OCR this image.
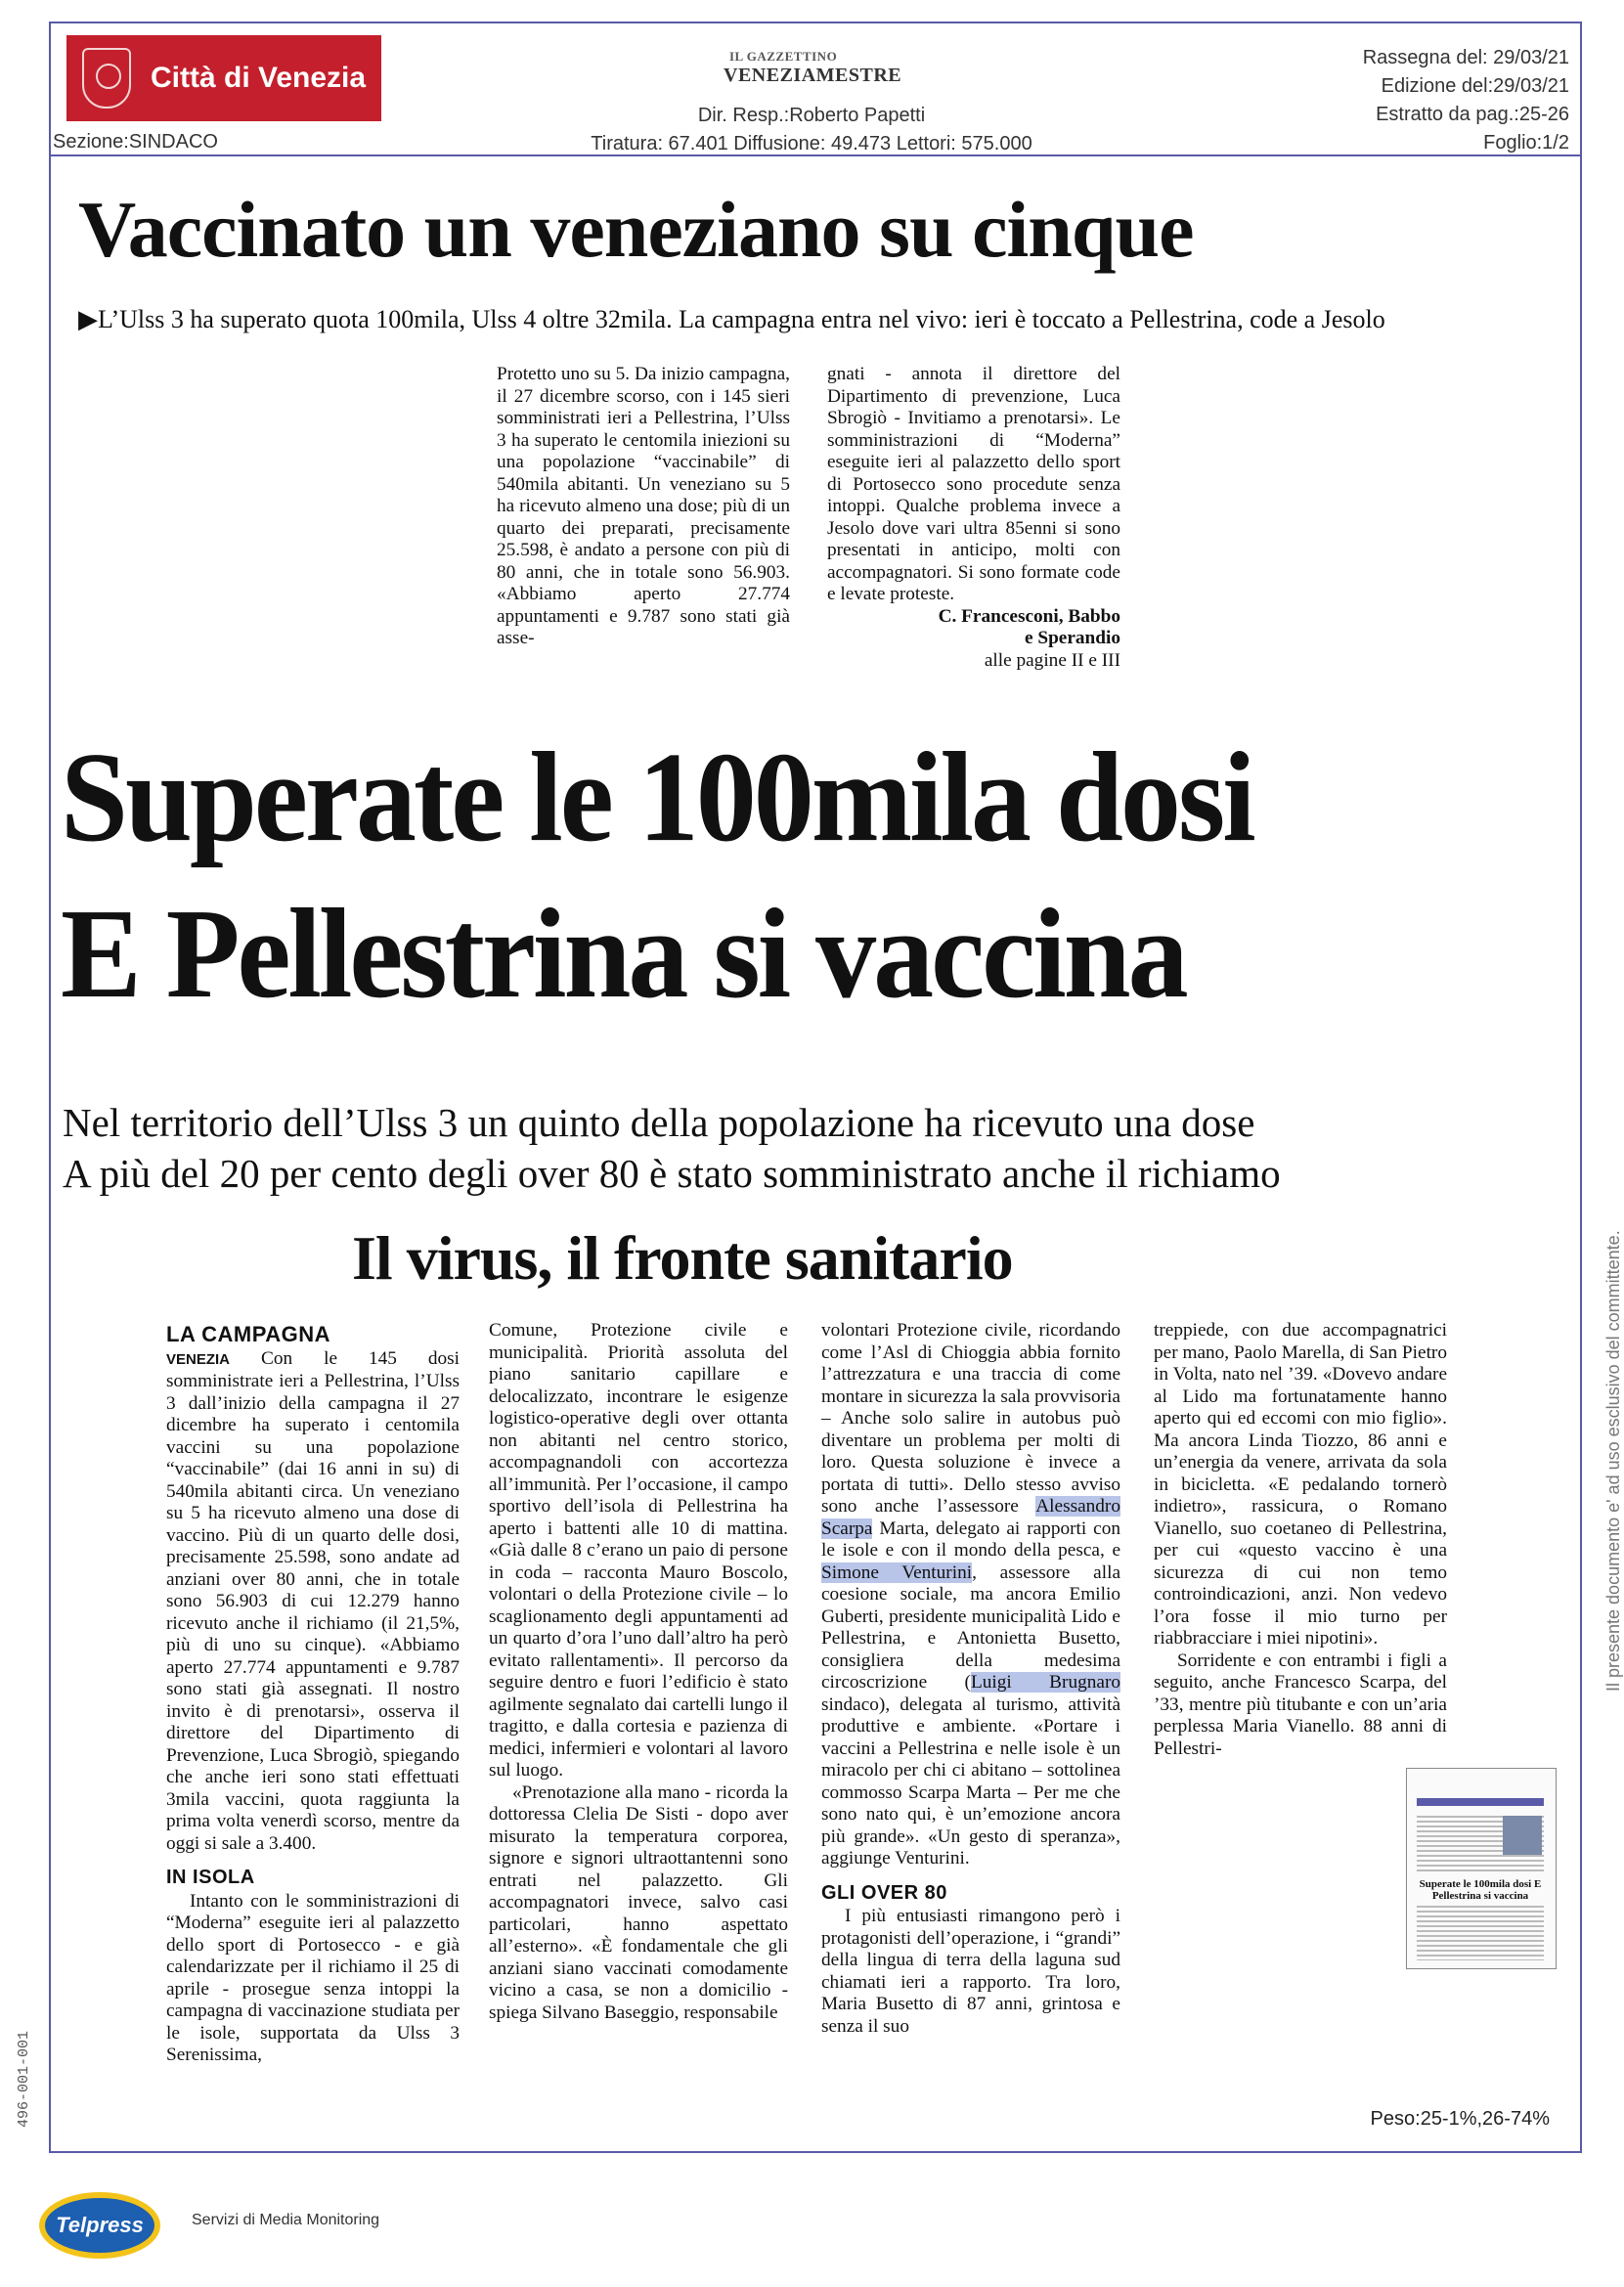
Città di Venezia
IL GAZZETTINO
VENEZIAMESTRE
Dir. Resp.:Roberto Papetti
Tiratura: 67.401 Diffusione: 49.473 Lettori: 575.000
Rassegna del: 29/03/21
Edizione del:29/03/21
Estratto da pag.:25-26
Foglio:1/2
Sezione:SINDACO
Vaccinato un veneziano su cinque
▶L’Ulss 3 ha superato quota 100mila, Ulss 4 oltre 32mila. La campagna entra nel vivo: ieri è toccato a Pellestrina, code a Jesolo

Protetto uno su 5. Da inizio campagna, il 27 dicembre scorso, con i 145 sieri somministrati ieri a Pellestrina, l’Ulss 3 ha superato le centomila iniezioni su una popolazione “vaccinabile” di 540mila abitanti. Un veneziano su 5 ha ricevuto almeno una dose; più di un quarto dei preparati, precisamente 25.598, è andato a persone con più di 80 anni, che in totale sono 56.903. «Abbiamo aperto 27.774 appuntamenti e 9.787 sono stati già asse-

gnati - annota il direttore del Dipartimento di prevenzione, Luca Sbrogiò - Invitiamo a prenotarsi». Le somministrazioni di “Moderna” eseguite ieri al palazzetto dello sport di Portosecco sono procedute senza intoppi. Qualche problema invece a Jesolo dove vari ultra 85enni si sono presentati in anticipo, molti con accompagnatori. Si sono formate code e levate proteste.

C. Francesconi, Babbo

e Sperandio

alle pagine II e III

Superate le 100mila dosi
E Pellestrina si vaccina
Nel territorio dell’Ulss 3 un quinto della popolazione ha ricevuto una dose
A più del 20 per cento degli over 80 è stato somministrato anche il richiamo
Il virus, il fronte sanitario
LA CAMPAGNA

VENEZIA Con le 145 dosi somministrate ieri a Pellestrina, l’Ulss 3 dall’inizio della campagna il 27 dicembre ha superato i centomila vaccini su una popolazione “vaccinabile” (dai 16 anni in su) di 540mila abitanti circa. Un veneziano su 5 ha ricevuto almeno una dose di vaccino. Più di un quarto delle dosi, precisamente 25.598, sono andate ad anziani over 80 anni, che in totale sono 56.903 di cui 12.279 hanno ricevuto anche il richiamo (il 21,5%, più di uno su cinque). «Abbiamo aperto 27.774 appuntamenti e 9.787 sono stati già assegnati. Il nostro invito è di prenotarsi», osserva il direttore del Dipartimento di Prevenzione, Luca Sbrogiò, spiegando che anche ieri sono stati effettuati 3mila vaccini, quota raggiunta la prima volta venerdì scorso, mentre da oggi si sale a 3.400.

IN ISOLA

Intanto con le somministrazioni di “Moderna” eseguite ieri al palazzetto dello sport di Portosecco - e già calendarizzate per il richiamo il 25 di aprile - prosegue senza intoppi la campagna di vaccinazione studiata per le isole, supportata da Ulss 3 Serenissima,

Comune, Protezione civile e municipalità. Priorità assoluta del piano sanitario capillare e delocalizzato, incontrare le esigenze logistico-operative degli over ottanta non abitanti nel centro storico, accompagnandoli con accortezza all’immunità. Per l’occasione, il campo sportivo dell’isola di Pellestrina ha aperto i battenti alle 10 di mattina. «Già dalle 8 c’erano un paio di persone in coda – racconta Mauro Boscolo, volontari o della Protezione civile – lo scaglionamento degli appuntamenti ad un quarto d’ora l’uno dall’altro ha però evitato rallentamenti». Il percorso da seguire dentro e fuori l’edificio è stato agilmente segnalato dai cartelli lungo il tragitto, e dalla cortesia e pazienza di medici, infermieri e volontari al lavoro sul luogo.

«Prenotazione alla mano - ricorda la dottoressa Clelia De Sisti - dopo aver misurato la temperatura corporea, signore e signori ultraottantenni sono entrati nel palazzetto. Gli accompagnatori invece, salvo casi particolari, hanno aspettato all’esterno». «È fondamentale che gli anziani siano vaccinati comodamente vicino a casa, se non a domicilio - spiega Silvano Baseggio, responsabile

volontari Protezione civile, ricordando come l’Asl di Chioggia abbia fornito l’attrezzatura e una traccia di come montare in sicurezza la sala provvisoria – Anche solo salire in autobus può diventare un problema per molti di loro. Questa soluzione è invece a portata di tutti». Dello stesso avviso sono anche l’assessore Alessandro Scarpa Marta, delegato ai rapporti con le isole e con il mondo della pesca, e Simone Venturini, assessore alla coesione sociale, ma ancora Emilio Guberti, presidente municipalità Lido e Pellestrina, e Antonietta Busetto, consigliera della medesima circoscrizione (Luigi Brugnaro sindaco), delegata al turismo, attività produttive e ambiente. «Portare i vaccini a Pellestrina e nelle isole è un miracolo per chi ci abitano – sottolinea commosso Scarpa Marta – Per me che sono nato qui, è un’emozione ancora più grande». «Un gesto di speranza», aggiunge Venturini.

GLI OVER 80

I più entusiasti rimangono però i protagonisti dell’operazione, i “grandi” della lingua di terra della laguna sud chiamati ieri a rapporto. Tra loro, Maria Busetto di 87 anni, grintosa e senza il suo

treppiede, con due accompagnatrici per mano, Paolo Marella, di San Pietro in Volta, nato nel ’39. «Dovevo andare al Lido ma fortunatamente hanno aperto qui ed eccomi con mio figlio». Ma ancora Linda Tiozzo, 86 anni e un’energia da venere, arrivata da sola in bicicletta. «E pedalando tornerò indietro», rassicura, o Romano Vianello, suo coetaneo di Pellestrina, per cui «questo vaccino è una sicurezza di cui non temo controindicazioni, anzi. Non vedevo l’ora fosse il mio turno per riabbracciare i miei nipotini».

Sorridente e con entrambi i figli a seguito, anche Francesco Scarpa, del ’33, mentre più titubante e con un’aria perplessa Maria Vianello. 88 anni di Pellestri-

Superate le 100mila dosi E Pellestrina si vaccina
Peso:25-1%,26-74%
Il presente documento e' ad uso esclusivo del committente.
496-001-001
Telpress	Servizi di Media Monitoring
